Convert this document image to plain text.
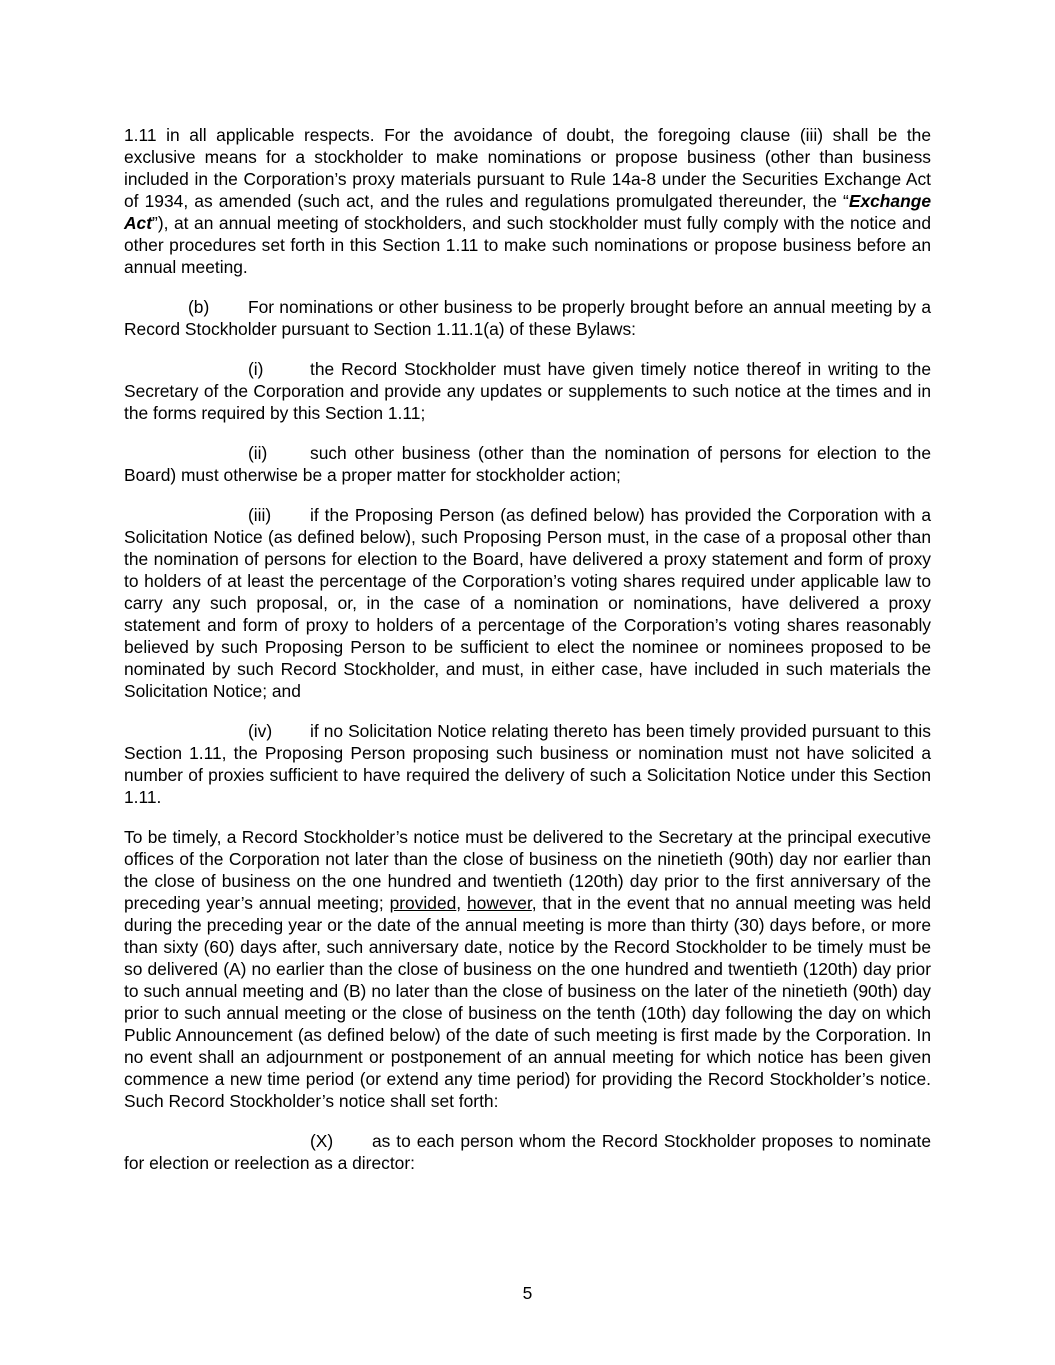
1.11 in all applicable respects. For the avoidance of doubt, the foregoing clause (iii) shall be the exclusive means for a stockholder to make nominations or propose business (other than business included in the Corporation’s proxy materials pursuant to Rule 14a-8 under the Securities Exchange Act of 1934, as amended (such act, and the rules and regulations promulgated thereunder, the “Exchange Act”), at an annual meeting of stockholders, and such stockholder must fully comply with the notice and other procedures set forth in this Section 1.11 to make such nominations or propose business before an annual meeting.

(b) For nominations or other business to be properly brought before an annual meeting by a Record Stockholder pursuant to Section 1.11.1(a) of these Bylaws:

(i)	the Record Stockholder must have given timely notice thereof in writing to the Secretary of the Corporation and provide any updates or supplements to such notice at the times and in the forms required by this Section 1.11;

(ii) such other business (other than the nomination of persons for election to the Board) must otherwise be a proper matter for stockholder action;

(iii) if the Proposing Person (as defined below) has provided the Corporation with a Solicitation Notice (as defined below), such Proposing Person must, in the case of a proposal other than the nomination of persons for election to the Board, have delivered a proxy statement and form of proxy to holders of at least the percentage of the Corporation’s voting shares required under applicable law to carry any such proposal, or, in the case of a nomination or nominations, have delivered a proxy statement and form of proxy to holders of a percentage of the Corporation’s voting shares reasonably believed by such Proposing Person to be sufficient to elect the nominee or nominees proposed to be nominated by such Record Stockholder, and must, in either case, have included in such materials the Solicitation Notice; and

(iv) if no Solicitation Notice relating thereto has been timely provided pursuant to this Section 1.11, the Proposing Person proposing such business or nomination must not have solicited a number of proxies sufficient to have required the delivery of such a Solicitation Notice under this Section 1.11.

To be timely, a Record Stockholder’s notice must be delivered to the Secretary at the principal executive offices of the Corporation not later than the close of business on the ninetieth (90th) day nor earlier than the close of business on the one hundred and twentieth (120th) day prior to the first anniversary of the preceding year’s annual meeting; provided, however, that in the event that no annual meeting was held during the preceding year or the date of the annual meeting is more than thirty (30) days before, or more than sixty (60) days after, such anniversary date, notice by the Record Stockholder to be timely must be so delivered (A) no earlier than the close of business on the one hundred and twentieth (120th) day prior to such annual meeting and (B) no later than the close of business on the later of the ninetieth (90th) day prior to such annual meeting or the close of business on the tenth (10th) day following the day on which Public Announcement (as defined below) of the date of such meeting is first made by the Corporation. In no event shall an adjournment or postponement of an annual meeting for which notice has been given commence a new time period (or extend any time period) for providing the Record Stockholder’s notice. Such Record Stockholder’s notice shall set forth:

(X) as to each person whom the Record Stockholder proposes to nominate for election or reelection as a director:

5
